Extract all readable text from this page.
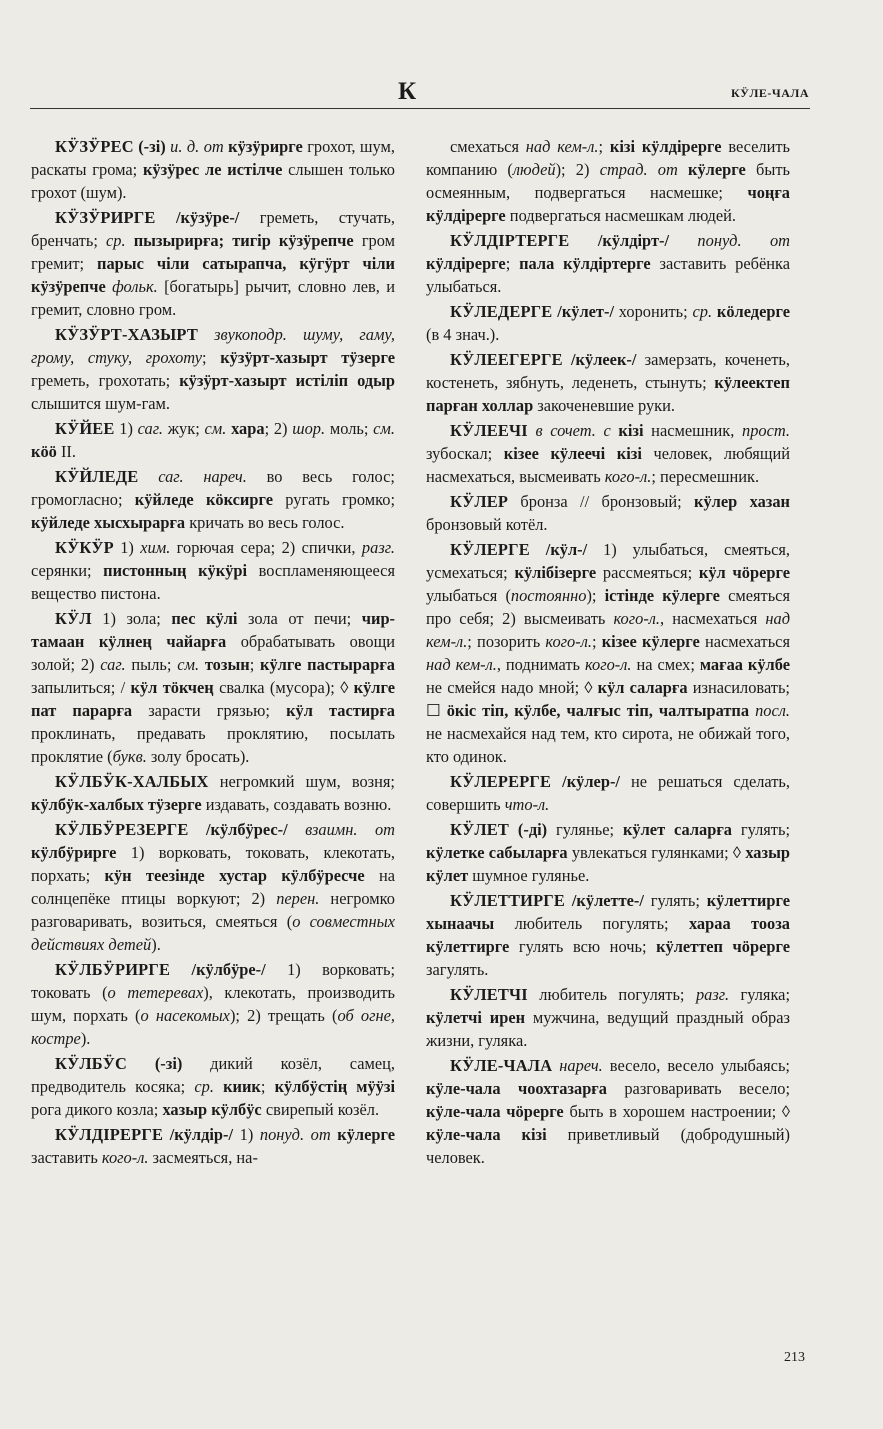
К	КӰЛЕ-ЧАЛА

КӰЗӰРЕС (-зі) и. д. от кӱзӱрирге грохот, шум, раскаты грома; кӱзӱрес ле истілче слышен только грохот (шум).

КӰЗӰРИРГЕ /кӱзӱре-/ греметь, стучать, бренчать; ср. пызырирға; тигір кӱзӱрепче гром гремит; парыс чіли сатырапча, кӱгӱрт чіли кӱзӱрепче фольк. [богатырь] рычит, словно лев, и гремит, словно гром.

КӰЗӰРТ-ХАЗЫРТ звукоподр. шуму, гаму, грому, стуку, грохоту; кӱзӱрт-хазырт тӱзерге греметь, грохотать; кӱзӱрт-хазырт истіліп одыр слышится шум-гам.

КӰЙЕЕ 1) саг. жук; см. хара; 2) шор. моль; см. кӧӧ II.

КӰЙЛЕДЕ саг. нареч. во весь голос; громогласно; кӱйледе кӧксирге ругать громко; кӱйледе хысхырарға кричать во весь голос.

КӰКӰР 1) хим. горючая сера; 2) спички, разг. серянки; пистонның кӱкӱрі воспламеняющееся вещество пистона.

КӰЛ 1) зола; пес кӱлі зола от печи; чир-тамаан кӱлнең чайарға обрабатывать овощи золой; 2) саг. пыль; см. тозын; кӱлге пастырарға запылиться; / кӱл тӧкчең свалка (мусора); ◊ кӱлге пат парарға зарасти грязью; кӱл тастирға проклинать, предавать проклятию, посылать проклятие (букв. золу бросать).

КӰЛБӰК-ХАЛБЫХ негромкий шум, возня; кӱлбӱк-халбых тӱзерге издавать, создавать возню.

КӰЛБӰРЕЗЕРГЕ /кӱлбӱрес-/ взаимн. от кӱлбӱрирге 1) ворковать, токовать, клекотать, порхать; кӱн теезінде хустар кӱлбӱресче на солнцепёке птицы воркуют; 2) перен. негромко разговаривать, возиться, смеяться (о совместных действиях детей).

КӰЛБӰРИРГЕ /кӱлбӱре-/ 1) ворковать; токовать (о тетеревах), клекотать, производить шум, порхать (о насекомых); 2) трещать (об огне, костре).

КӰЛБӰС (-зі) дикий козёл, самец, предводитель косяка; ср. киик; кӱлбӱстің мӱӱзі рога дикого козла; хазыр кӱлбӱс свирепый козёл.

КӰЛДІРЕРГЕ /кӱлдір-/ 1) понуд. от кӱлерге заставить кого-л. засмеяться, на-

смехаться над кем-л.; кізі кӱлдірерге веселить компанию (людей); 2) страд. от кӱлерге быть осмеянным, подвергаться насмешке; чоңға кӱлдірерге подвергаться насмешкам людей.

КӰЛДІРТЕРГЕ /кӱлдірт-/ понуд. от кӱлдірерге; пала кӱлдіртерге заставить ребёнка улыбаться.

КӰЛЕДЕРГЕ /кӱлет-/ хоронить; ср. кӧледерге (в 4 знач.).

КӰЛЕЕГЕРГЕ /кӱлеек-/ замерзать, коченеть, костенеть, зябнуть, леденеть, стынуть; кӱлеектеп парған холлар закоченевшие руки.

КӰЛЕЕЧІ в сочет. с кізі насмешник, прост. зубоскал; кізее кӱлеечі кізі человек, любящий насмехаться, высмеивать кого-л.; пересмешник.

КӰЛЕР бронза // бронзовый; кӱлер хазан бронзовый котёл.

КӰЛЕРГЕ /кӱл-/ 1) улыбаться, смеяться, усмехаться; кӱлібізерге рассмеяться; кӱл чӧрерге улыбаться (постоянно); істінде кӱлерге смеяться про себя; 2) высмеивать кого-л., насмехаться над кем-л.; позорить кого-л.; кізее кӱлерге насмехаться над кем-л., поднимать кого-л. на смех; мағаа кӱлбе не смейся надо мной; ◊ кӱл саларға изнасиловать; ☐ ӧкіс тіп, кӱлбе, чалғыс тіп, чалтыратпа посл. не насмехайся над тем, кто сирота, не обижай того, кто одинок.

КӰЛЕРЕРГЕ /кӱлер-/ не решаться сделать, совершить что-л.

КӰЛЕТ (-ді) гулянье; кӱлет саларға гулять; кӱлетке сабыларға увлекаться гулянками; ◊ хазыр кӱлет шумное гулянье.

КӰЛЕТТИРГЕ /кӱлетте-/ гулять; кӱлеттирге хынаачы любитель погулять; хараа тооза кӱлеттирге гулять всю ночь; кӱлеттеп чӧрерге загулять.

КӰЛЕТЧІ любитель погулять; разг. гуляка; кӱлетчі ирен мужчина, ведущий праздный образ жизни, гуляка.

КӰЛЕ-ЧАЛА нареч. весело, весело улыбаясь; кӱле-чала чоохтазарға разговаривать весело; кӱле-чала чӧрерге быть в хорошем настроении; ◊ кӱле-чала кізі приветливый (добродушный) человек.

213
